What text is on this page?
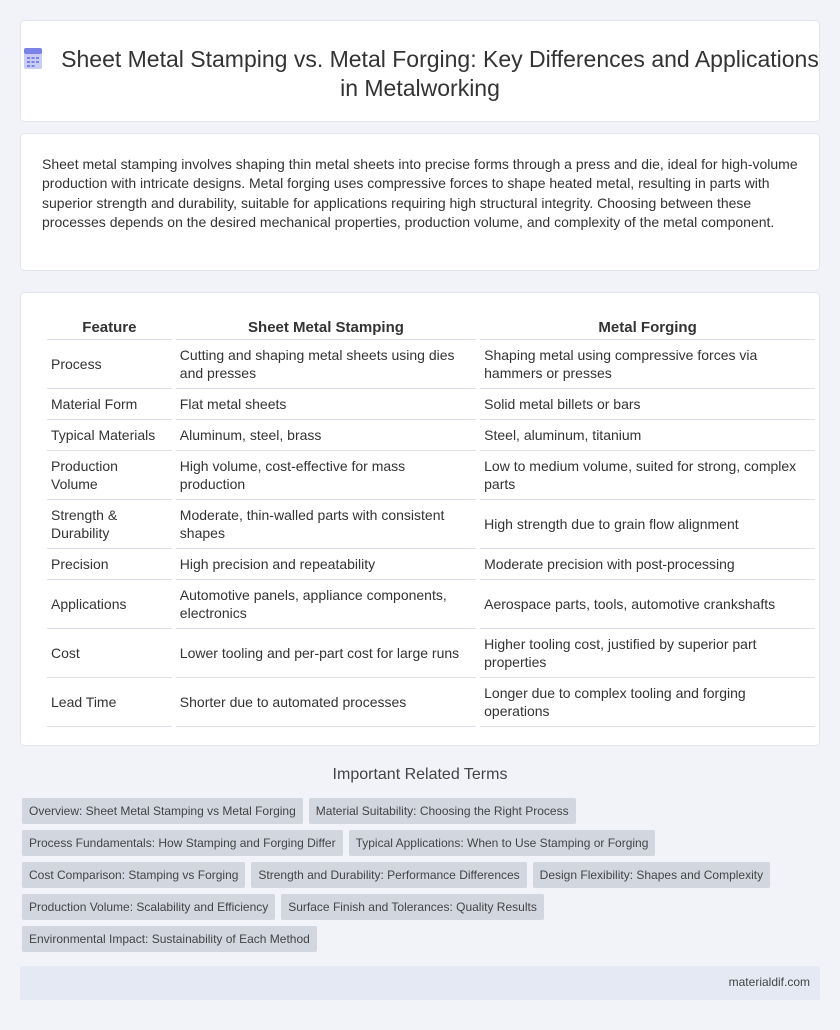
Sheet Metal Stamping vs. Metal Forging: Key Differences and Applications in Metalworking

Sheet metal stamping involves shaping thin metal sheets into precise forms through a press and die, ideal for high-volume production with intricate designs. Metal forging uses compressive forces to shape heated metal, resulting in parts with superior strength and durability, suitable for applications requiring high structural integrity. Choosing between these processes depends on the desired mechanical properties, production volume, and complexity of the metal component.

Feature	Sheet Metal Stamping	Metal Forging
Process	Cutting and shaping metal sheets using dies and presses	Shaping metal using compressive forces via hammers or presses
Material Form	Flat metal sheets	Solid metal billets or bars
Typical Materials	Aluminum, steel, brass	Steel, aluminum, titanium
Production Volume	High volume, cost-effective for mass production	Low to medium volume, suited for strong, complex parts
Strength & Durability	Moderate, thin-walled parts with consistent shapes	High strength due to grain flow alignment
Precision	High precision and repeatability	Moderate precision with post-processing
Applications	Automotive panels, appliance components, electronics	Aerospace parts, tools, automotive crankshafts
Cost	Lower tooling and per-part cost for large runs	Higher tooling cost, justified by superior part properties
Lead Time	Shorter due to automated processes	Longer due to complex tooling and forging operations
Important Related Terms
Overview: Sheet Metal Stamping vs Metal Forging Material Suitability: Choosing the Right Process
Process Fundamentals: How Stamping and Forging Differ Typical Applications: When to Use Stamping or Forging
Cost Comparison: Stamping vs Forging Strength and Durability: Performance Differences Design Flexibility: Shapes and Complexity
Production Volume: Scalability and Efficiency Surface Finish and Tolerances: Quality Results
Environmental Impact: Sustainability of Each Method
materialdif.com
